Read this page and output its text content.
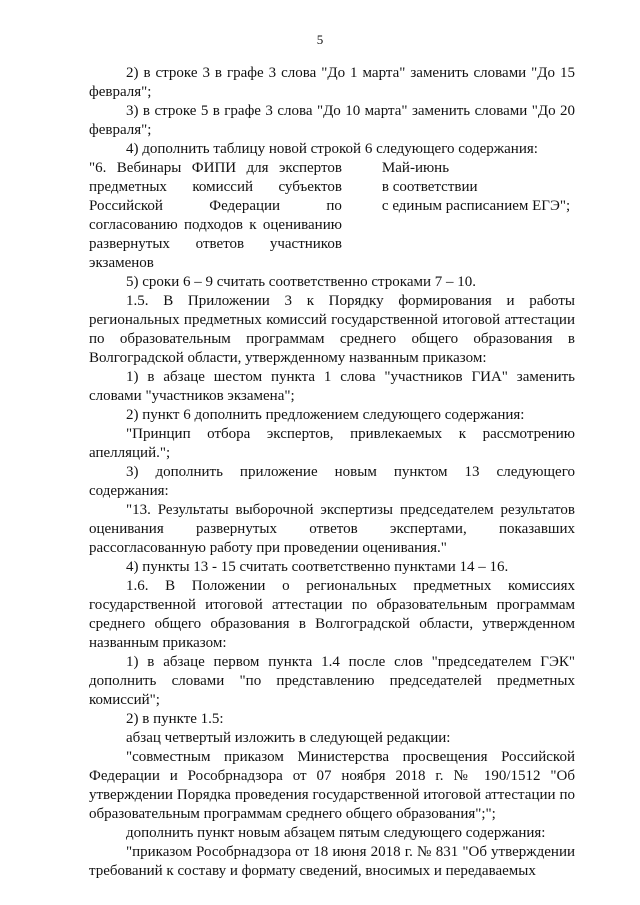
5

2) в строке 3 в графе 3 слова "До 1 марта" заменить словами "До 15 февраля";

3) в строке 5 в графе 3 слова "До 10 марта" заменить словами "До 20 февраля";

4) дополнить таблицу новой строкой 6 следующего содержания:

"6. Вебинары ФИПИ для экспертов предметных комиссий субъектов Российской Федерации по согласованию подходов к оцениванию развернутых ответов участников экзаменов

Май-июнь

в соответствии

с единым расписанием ЕГЭ";

5) сроки 6 – 9 считать соответственно строками 7 – 10.

1.5. В Приложении 3 к Порядку формирования и работы региональных предметных комиссий государственной итоговой аттестации по образовательным программам среднего общего образования в Волгоградской области, утвержденному названным приказом:

1) в абзаце шестом пункта 1 слова "участников ГИА" заменить словами "участников экзамена";

2) пункт 6 дополнить предложением следующего содержания:

"Принцип отбора экспертов, привлекаемых к рассмотрению апелляций.";

3) дополнить приложение новым пунктом 13 следующего содержания:

"13. Результаты выборочной экспертизы председателем результатов оценивания развернутых ответов экспертами, показавших рассогласованную работу при проведении оценивания."

4) пункты 13 - 15 считать соответственно пунктами 14 – 16.

1.6. В Положении о региональных предметных комиссиях государственной итоговой аттестации по образовательным программам среднего общего образования в Волгоградской области, утвержденном названным приказом:

1) в абзаце первом пункта 1.4 после слов "председателем ГЭК" дополнить словами "по представлению председателей предметных комиссий";

2) в пункте 1.5:

абзац четвертый изложить в следующей редакции:

"совместным приказом Министерства просвещения Российской Федерации и Рособрнадзора от 07 ноября 2018 г. № 190/1512 "Об утверждении Порядка проведения государственной итоговой аттестации по образовательным программам среднего общего образования";";

дополнить пункт новым абзацем пятым следующего содержания:

"приказом Рособрнадзора от 18 июня 2018 г. № 831 "Об утверждении требований к составу и формату сведений, вносимых и передаваемых
